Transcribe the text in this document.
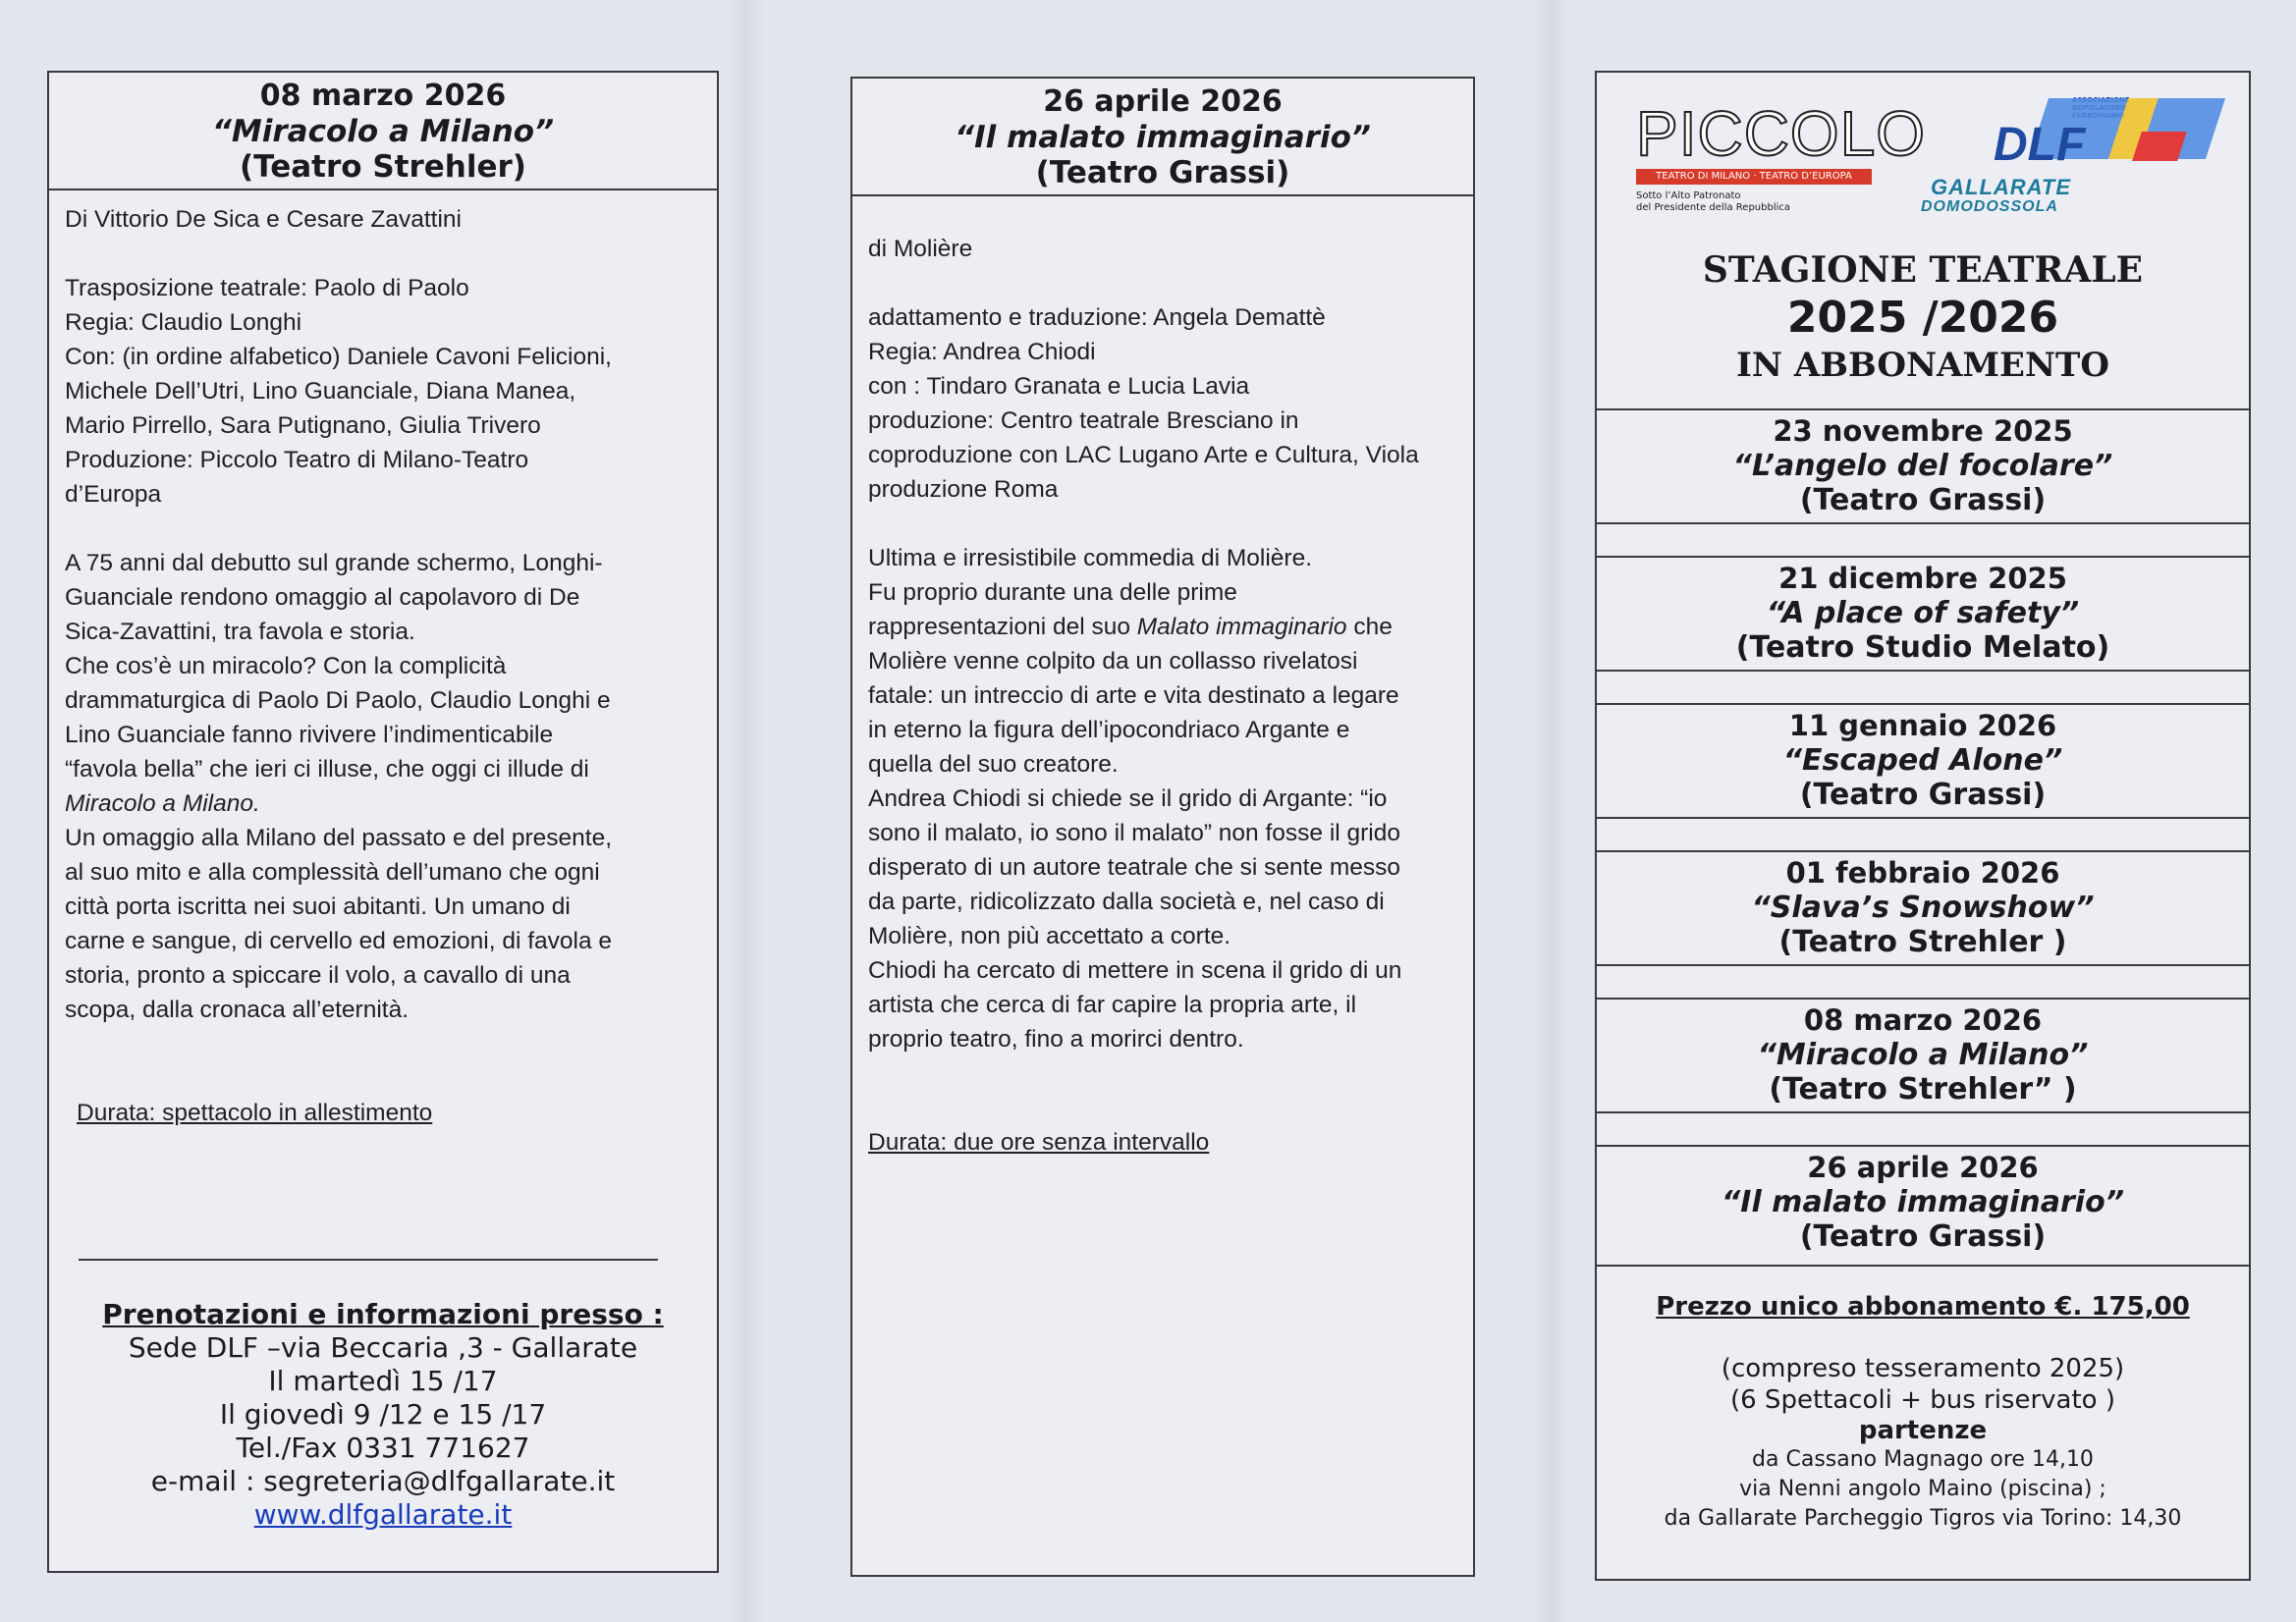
08 marzo 2026
“Miracolo a Milano”
(Teatro Strehler)

Di Vittorio De Sica e Cesare Zavattini

Trasposizione teatrale: Paolo di Paolo

Regia: Claudio Longhi

Con: (in ordine alfabetico) Daniele Cavoni Felicioni,

Michele Dell’Utri, Lino Guanciale, Diana Manea,

Mario Pirrello, Sara Putignano, Giulia Trivero

Produzione: Piccolo Teatro di Milano-Teatro

d’Europa

A 75 anni dal debutto sul grande schermo, Longhi-

Guanciale rendono omaggio al capolavoro di De

Sica-Zavattini, tra favola e storia.

Che cos’è un miracolo? Con la complicità

drammaturgica di Paolo Di Paolo, Claudio Longhi e

Lino Guanciale fanno rivivere l’indimenticabile

“favola bella” che ieri ci illuse, che oggi ci illude di

Miracolo a Milano.

Un omaggio alla Milano del passato e del presente,

al suo mito e alla complessità dell’umano che ogni

città porta iscritta nei suoi abitanti. Un umano di

carne e sangue, di cervello ed emozioni, di favola e

storia, pronto a spiccare il volo, a cavallo di una

scopa, dalla cronaca all’eternità.

Durata: spettacolo in allestimento

Prenotazioni e informazioni presso :
Sede DLF –via Beccaria ,3 - Gallarate
Il martedì 15 /17
Il giovedì 9 /12 e 15 /17
Tel./Fax 0331 771627
e-mail : segreteria@dlfgallarate.it
www.dlfgallarate.it
26 aprile 2026
“Il malato immaginario”
(Teatro Grassi)

di Molière

adattamento e traduzione: Angela Demattè

Regia: Andrea Chiodi

con : Tindaro Granata e Lucia Lavia

produzione: Centro teatrale Bresciano in

coproduzione con LAC Lugano Arte e Cultura, Viola

produzione Roma

Ultima e irresistibile commedia di Molière.

Fu proprio durante una delle prime

rappresentazioni del suo Malato immaginario che

Molière venne colpito da un collasso rivelatosi

fatale: un intreccio di arte e vita destinato a legare

in eterno la figura dell’ipocondriaco Argante e

quella del suo creatore.

Andrea Chiodi si chiede se il grido di Argante: “io

sono il malato, io sono il malato” non fosse il grido

disperato di un autore teatrale che si sente messo

da parte, ridicolizzato dalla società e, nel caso di

Molière, non più accettato a corte.

Chiodi ha cercato di mettere in scena il grido di un

artista che cerca di far capire la propria arte, il

proprio teatro, fino a morirci dentro.

Durata: due ore senza intervallo

PICCOLO
TEATRO DI MILANO · TEATRO D’EUROPA
Sotto l’Alto Patronato
del Presidente della Repubblica
DLF
GALLARATE
DOMODOSSOLA
STAGIONE TEATRALE
2025 /2026
IN ABBONAMENTO
23 novembre 2025
“L’angelo del focolare”
(Teatro Grassi)
21 dicembre 2025
“A place of safety”
(Teatro Studio Melato)
11 gennaio 2026
“Escaped Alone”
(Teatro Grassi)
01 febbraio 2026
“Slava’s Snowshow”
(Teatro Strehler )
08 marzo 2026
“Miracolo a Milano”
(Teatro Strehler” )
26 aprile 2026
“Il malato immaginario”
(Teatro Grassi)
Prezzo unico abbonamento €. 175,00
(compreso tesseramento 2025)
(6 Spettacoli + bus riservato )
partenze
da Cassano Magnago ore 14,10
via Nenni angolo Maino (piscina) ;
da Gallarate Parcheggio Tigros via Torino: 14,30
